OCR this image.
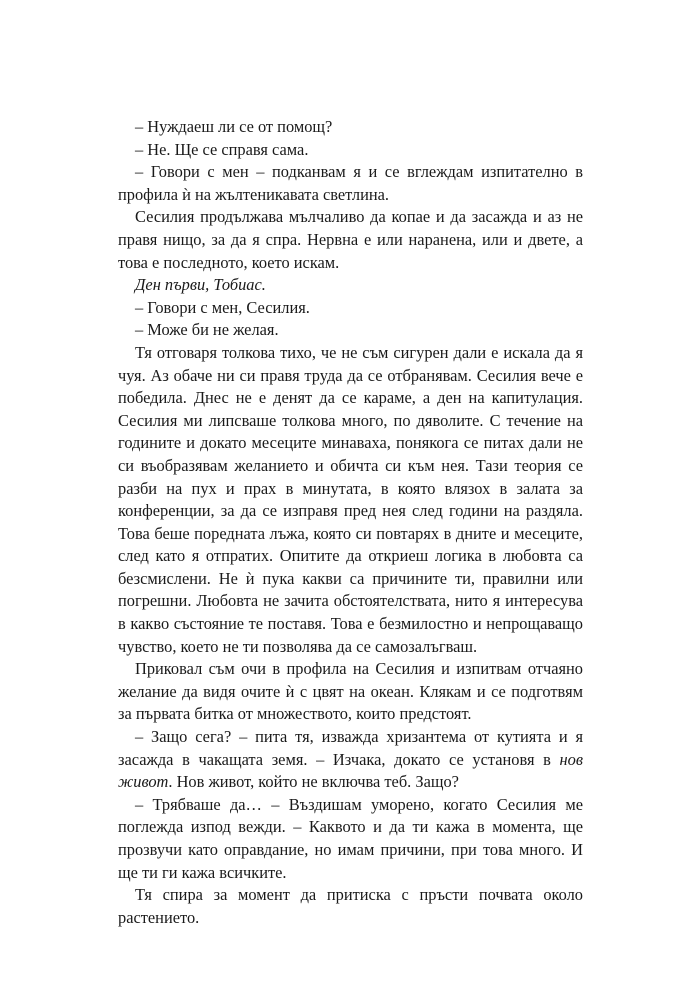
– Нуждаеш ли се от помощ?

– Не. Ще се справя сама.

– Говори с мен – подканвам я и се вглеждам изпитателно в профила ѝ на жълтеникавата светлина.

Сесилия продължава мълчаливо да копае и да засажда и аз не правя нищо, за да я спра. Нервна е или наранена, или и двете, а това е последното, което искам.

Ден първи, Тобиас.

– Говори с мен, Сесилия.

– Може би не желая.

Тя отговаря толкова тихо, че не съм сигурен дали е искала да я чуя. Аз обаче ни си правя труда да се отбранявам. Сесилия вече е победила. Днес не е денят да се караме, а ден на капитулация. Сесилия ми липсваше толкова много, по дяволите. С течение на годините и докато месеците минаваха, понякога се питах дали не си въобразявам желанието и обичта си към нея. Тази теория се разби на пух и прах в минутата, в която влязох в залата за конференции, за да се изправя пред нея след години на раздяла. Това беше поредната лъжа, която си повтарях в дните и месеците, след като я отпратих. Опитите да откриеш логика в любовта са безсмислени. Не ѝ пука какви са причините ти, правилни или погрешни. Любовта не зачита обстоятелствата, нито я интересува в какво състояние те поставя. Това е безмилостно и непрощаващо чувство, което не ти позволява да се самозалъгваш.

Приковал съм очи в профила на Сесилия и изпитвам отчаяно желание да видя очите ѝ с цвят на океан. Клякам и се подготвям за първата битка от множеството, които предстоят.

– Защо сега? – пита тя, изважда хризантема от кутията и я засажда в чакащата земя. – Изчака, докато се установя в нов живот. Нов живот, който не включва теб. Защо?

– Трябваше да… – Въздишам уморено, когато Сесилия ме поглежда изпод вежди. – Каквото и да ти кажа в момента, ще прозвучи като оправдание, но имам причини, при това много. И ще ти ги кажа всичките.

Тя спира за момент да притиска с пръсти почвата около растението.
